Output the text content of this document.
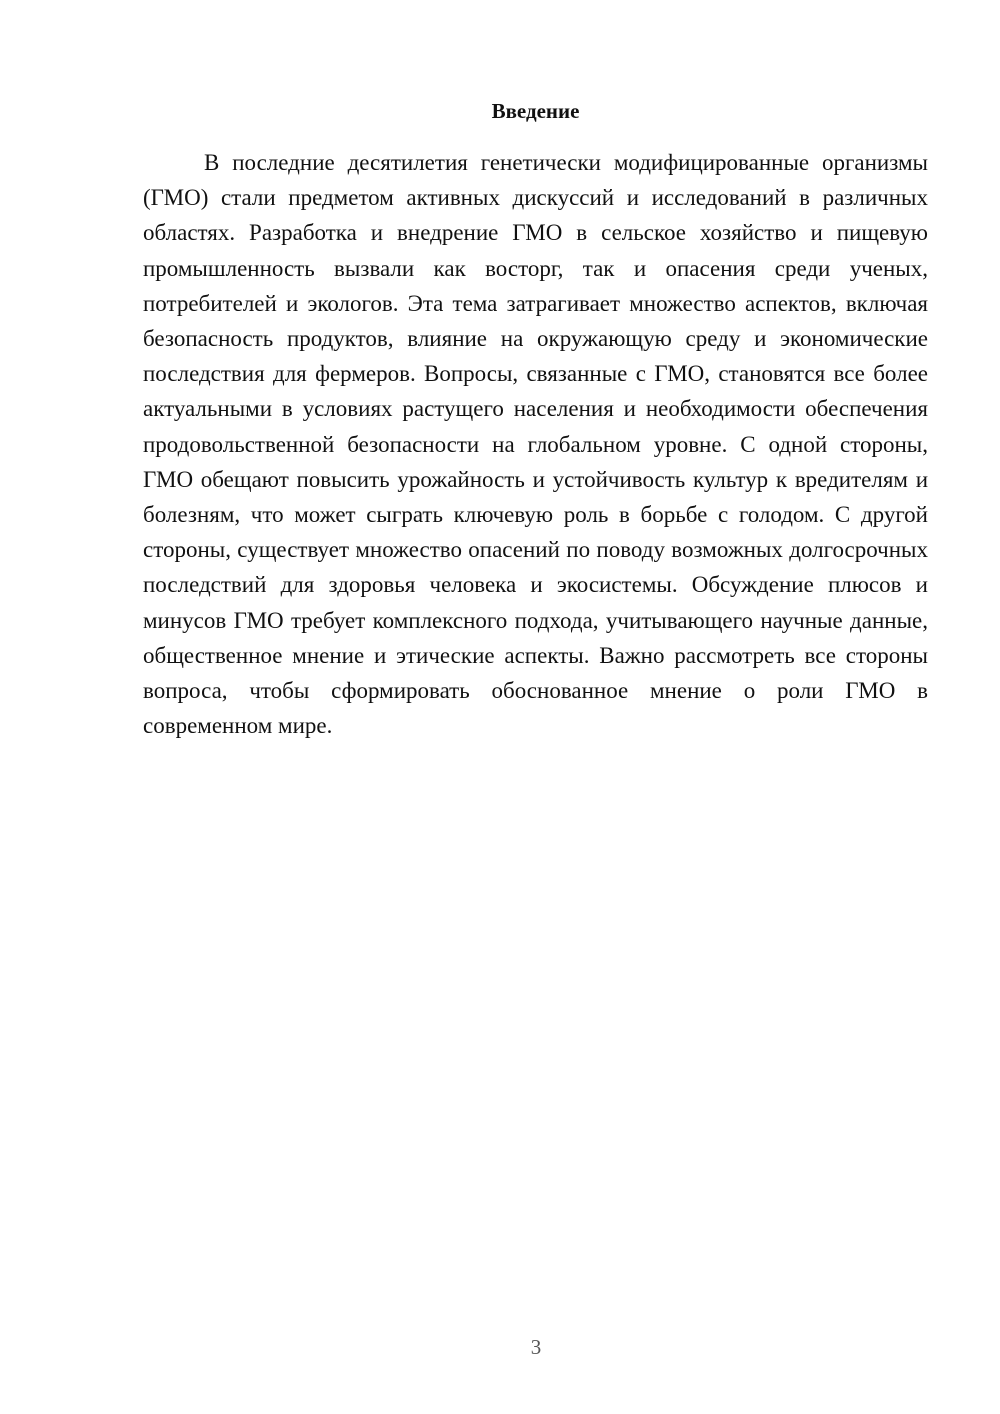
Введение

В последние десятилетия генетически модифицированные организмы (ГМО) стали предметом активных дискуссий и исследований в различных областях. Разработка и внедрение ГМО в сельское хозяйство и пищевую промышленность вызвали как восторг, так и опасения среди ученых, потребителей и экологов. Эта тема затрагивает множество аспектов, включая безопасность продуктов, влияние на окружающую среду и экономические последствия для фермеров. Вопросы, связанные с ГМО, становятся все более актуальными в условиях растущего населения и необходимости обеспечения продовольственной безопасности на глобальном уровне. С одной стороны, ГМО обещают повысить урожайность и устойчивость культур к вредителям и болезням, что может сыграть ключевую роль в борьбе с голодом. С другой стороны, существует множество опасений по поводу возможных долгосрочных последствий для здоровья человека и экосистемы. Обсуждение плюсов и минусов ГМО требует комплексного подхода, учитывающего научные данные, общественное мнение и этические аспекты. Важно рассмотреть все стороны вопроса, чтобы сформировать обоснованное мнение о роли ГМО в современном мире.

3
